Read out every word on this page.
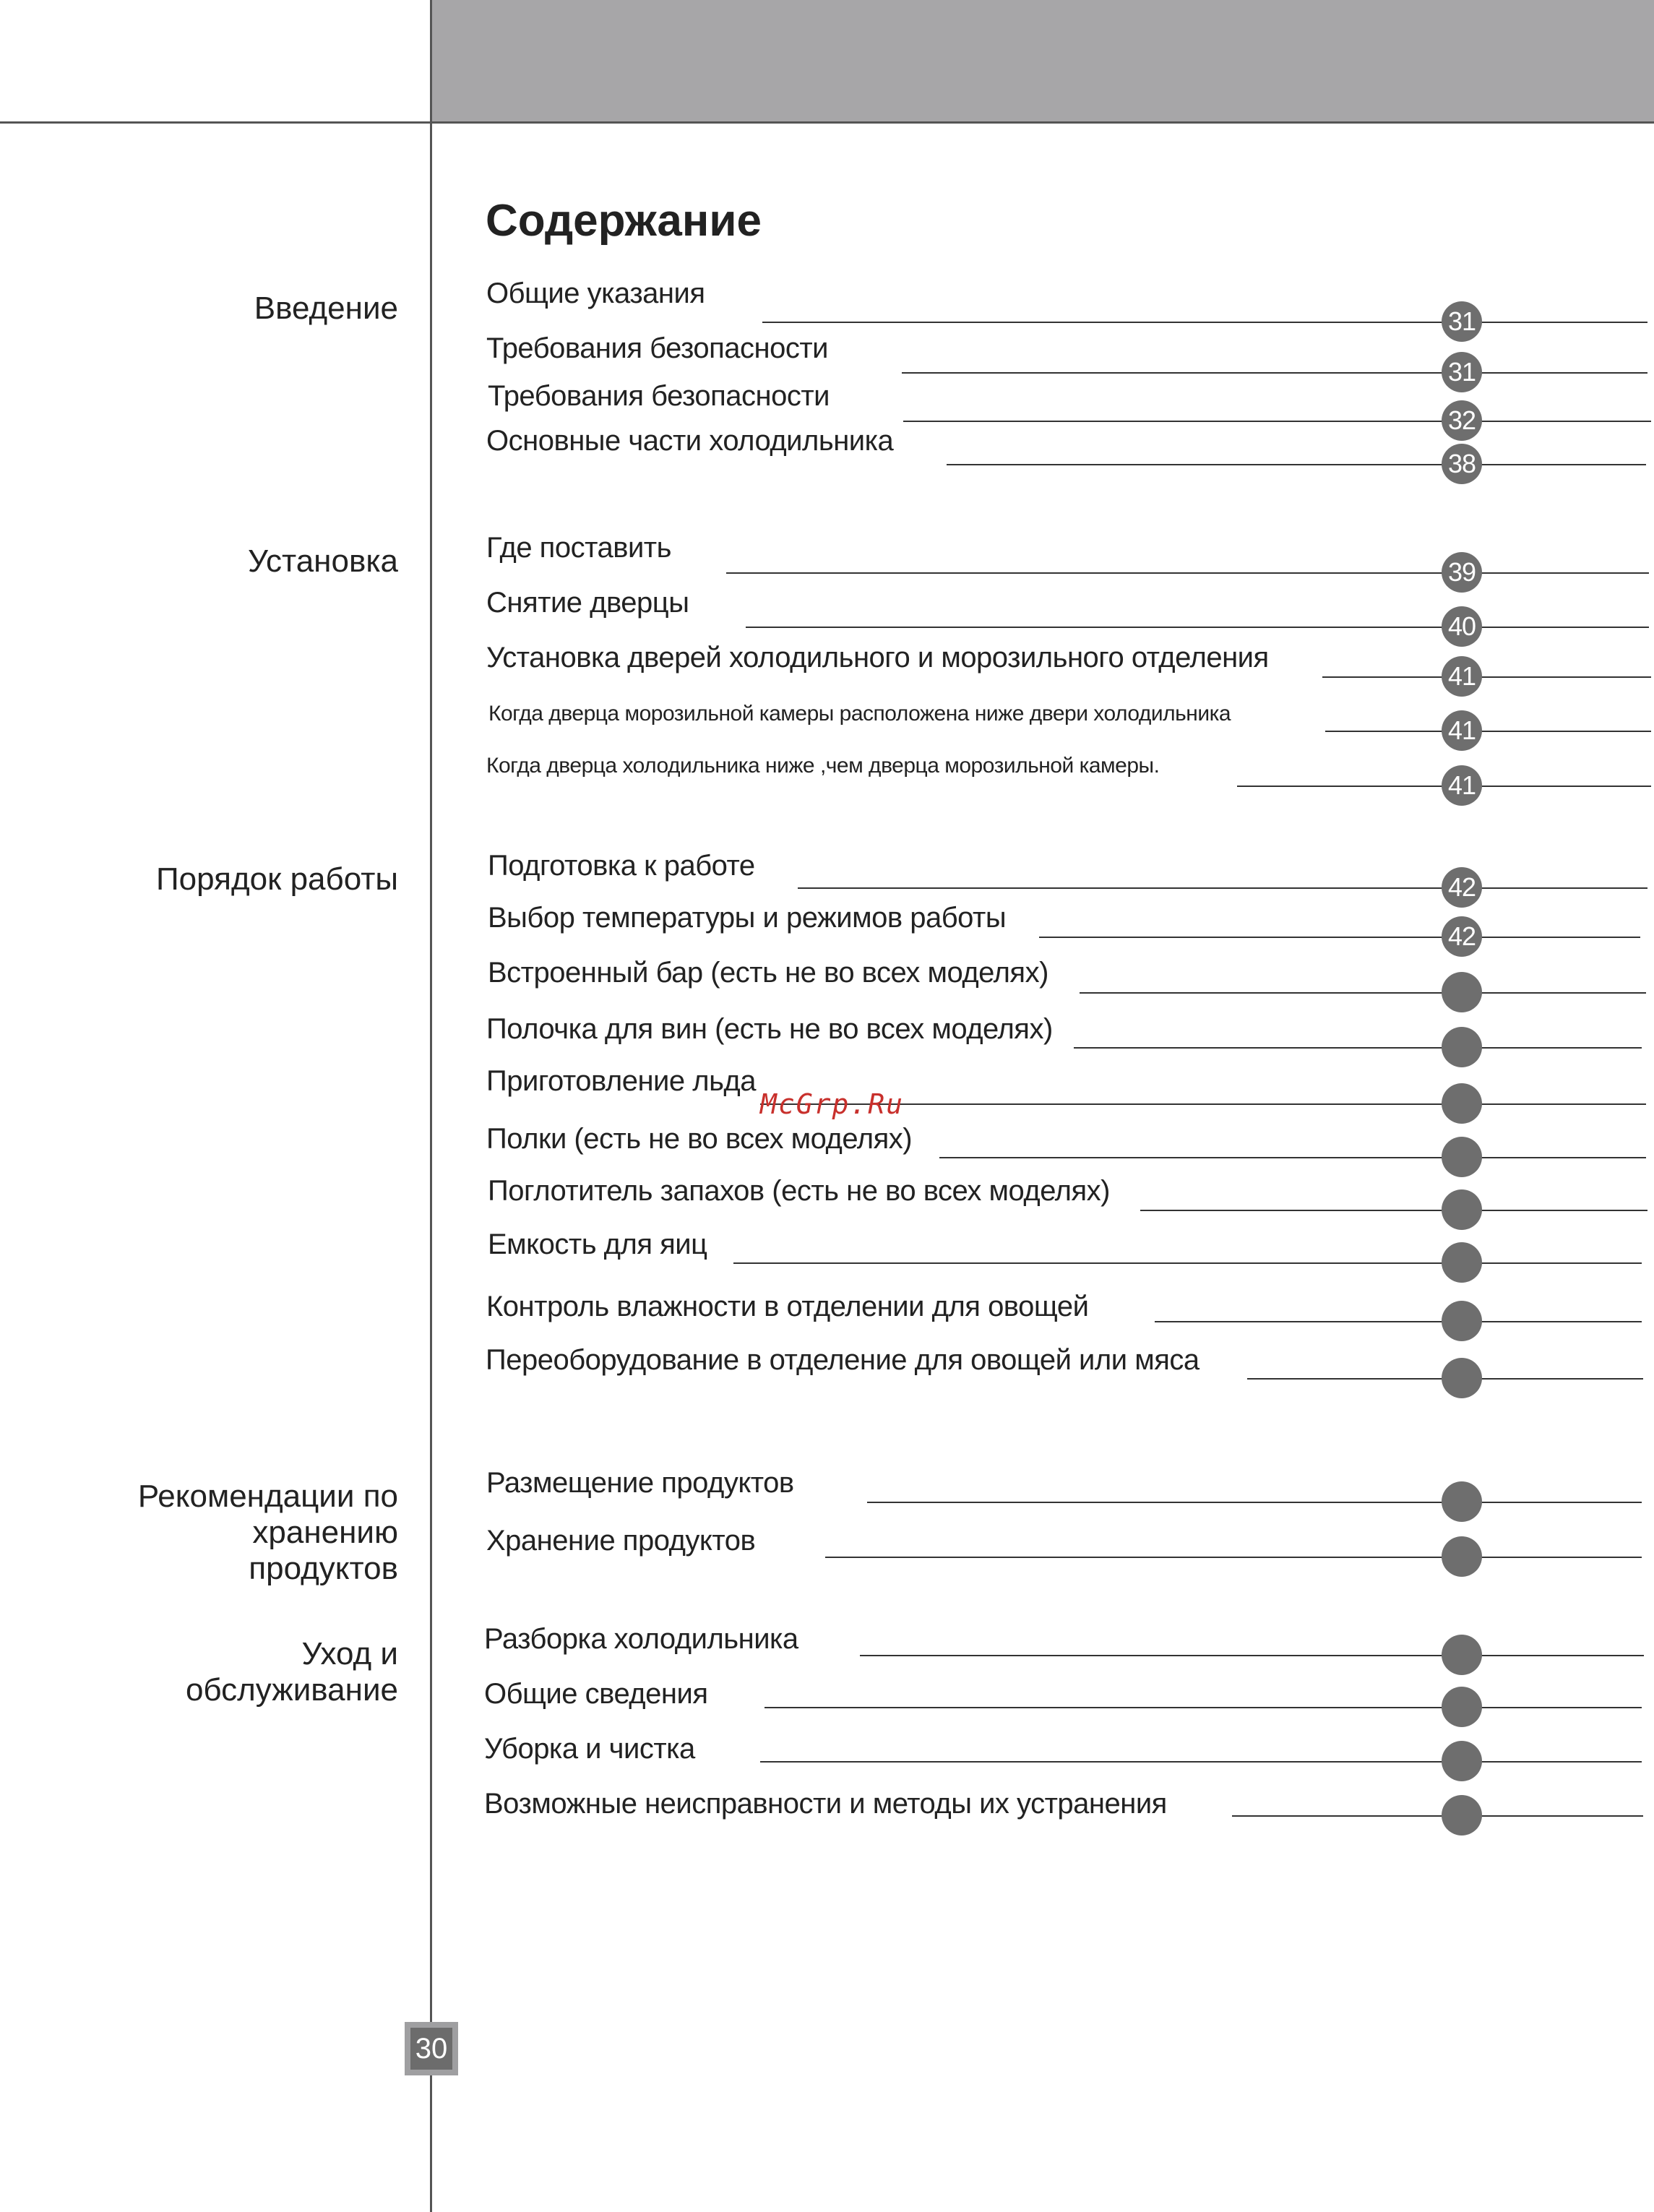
Содержание
Введение
Установка
Порядок работы
Рекомендации по
хранению
продуктов
Уход и
обслуживание
Общие указания
31
Требования безопасности
31
Требования безопасности
32
Основные части холодильника
38
Где поставить
39
Снятие дверцы
40
Установка дверей холодильного и морозильного отделения
41
Когда дверца морозильной камеры расположена ниже двери холодильника
41
Когда дверца холодильника ниже ,чем дверца морозильной камеры.
41
Подготовка к работе
42
Выбор температуры и режимов работы
42
Встроенный бар (есть не во всех моделях)
Полочка для вин (есть не во всех моделях)
Приготовление льда
Полки (есть не во всех моделях)
Поглотитель запахов (есть не во всех моделях)
Емкость для яиц
Контроль влажности в отделении для овощей
Переоборудование в отделение для овощей или мяса
Размещение продуктов
Хранение продуктов
Разборка холодильника
Общие сведения
Уборка и чистка
Возможные неисправности и методы их устранения
McGrp.Ru
30
